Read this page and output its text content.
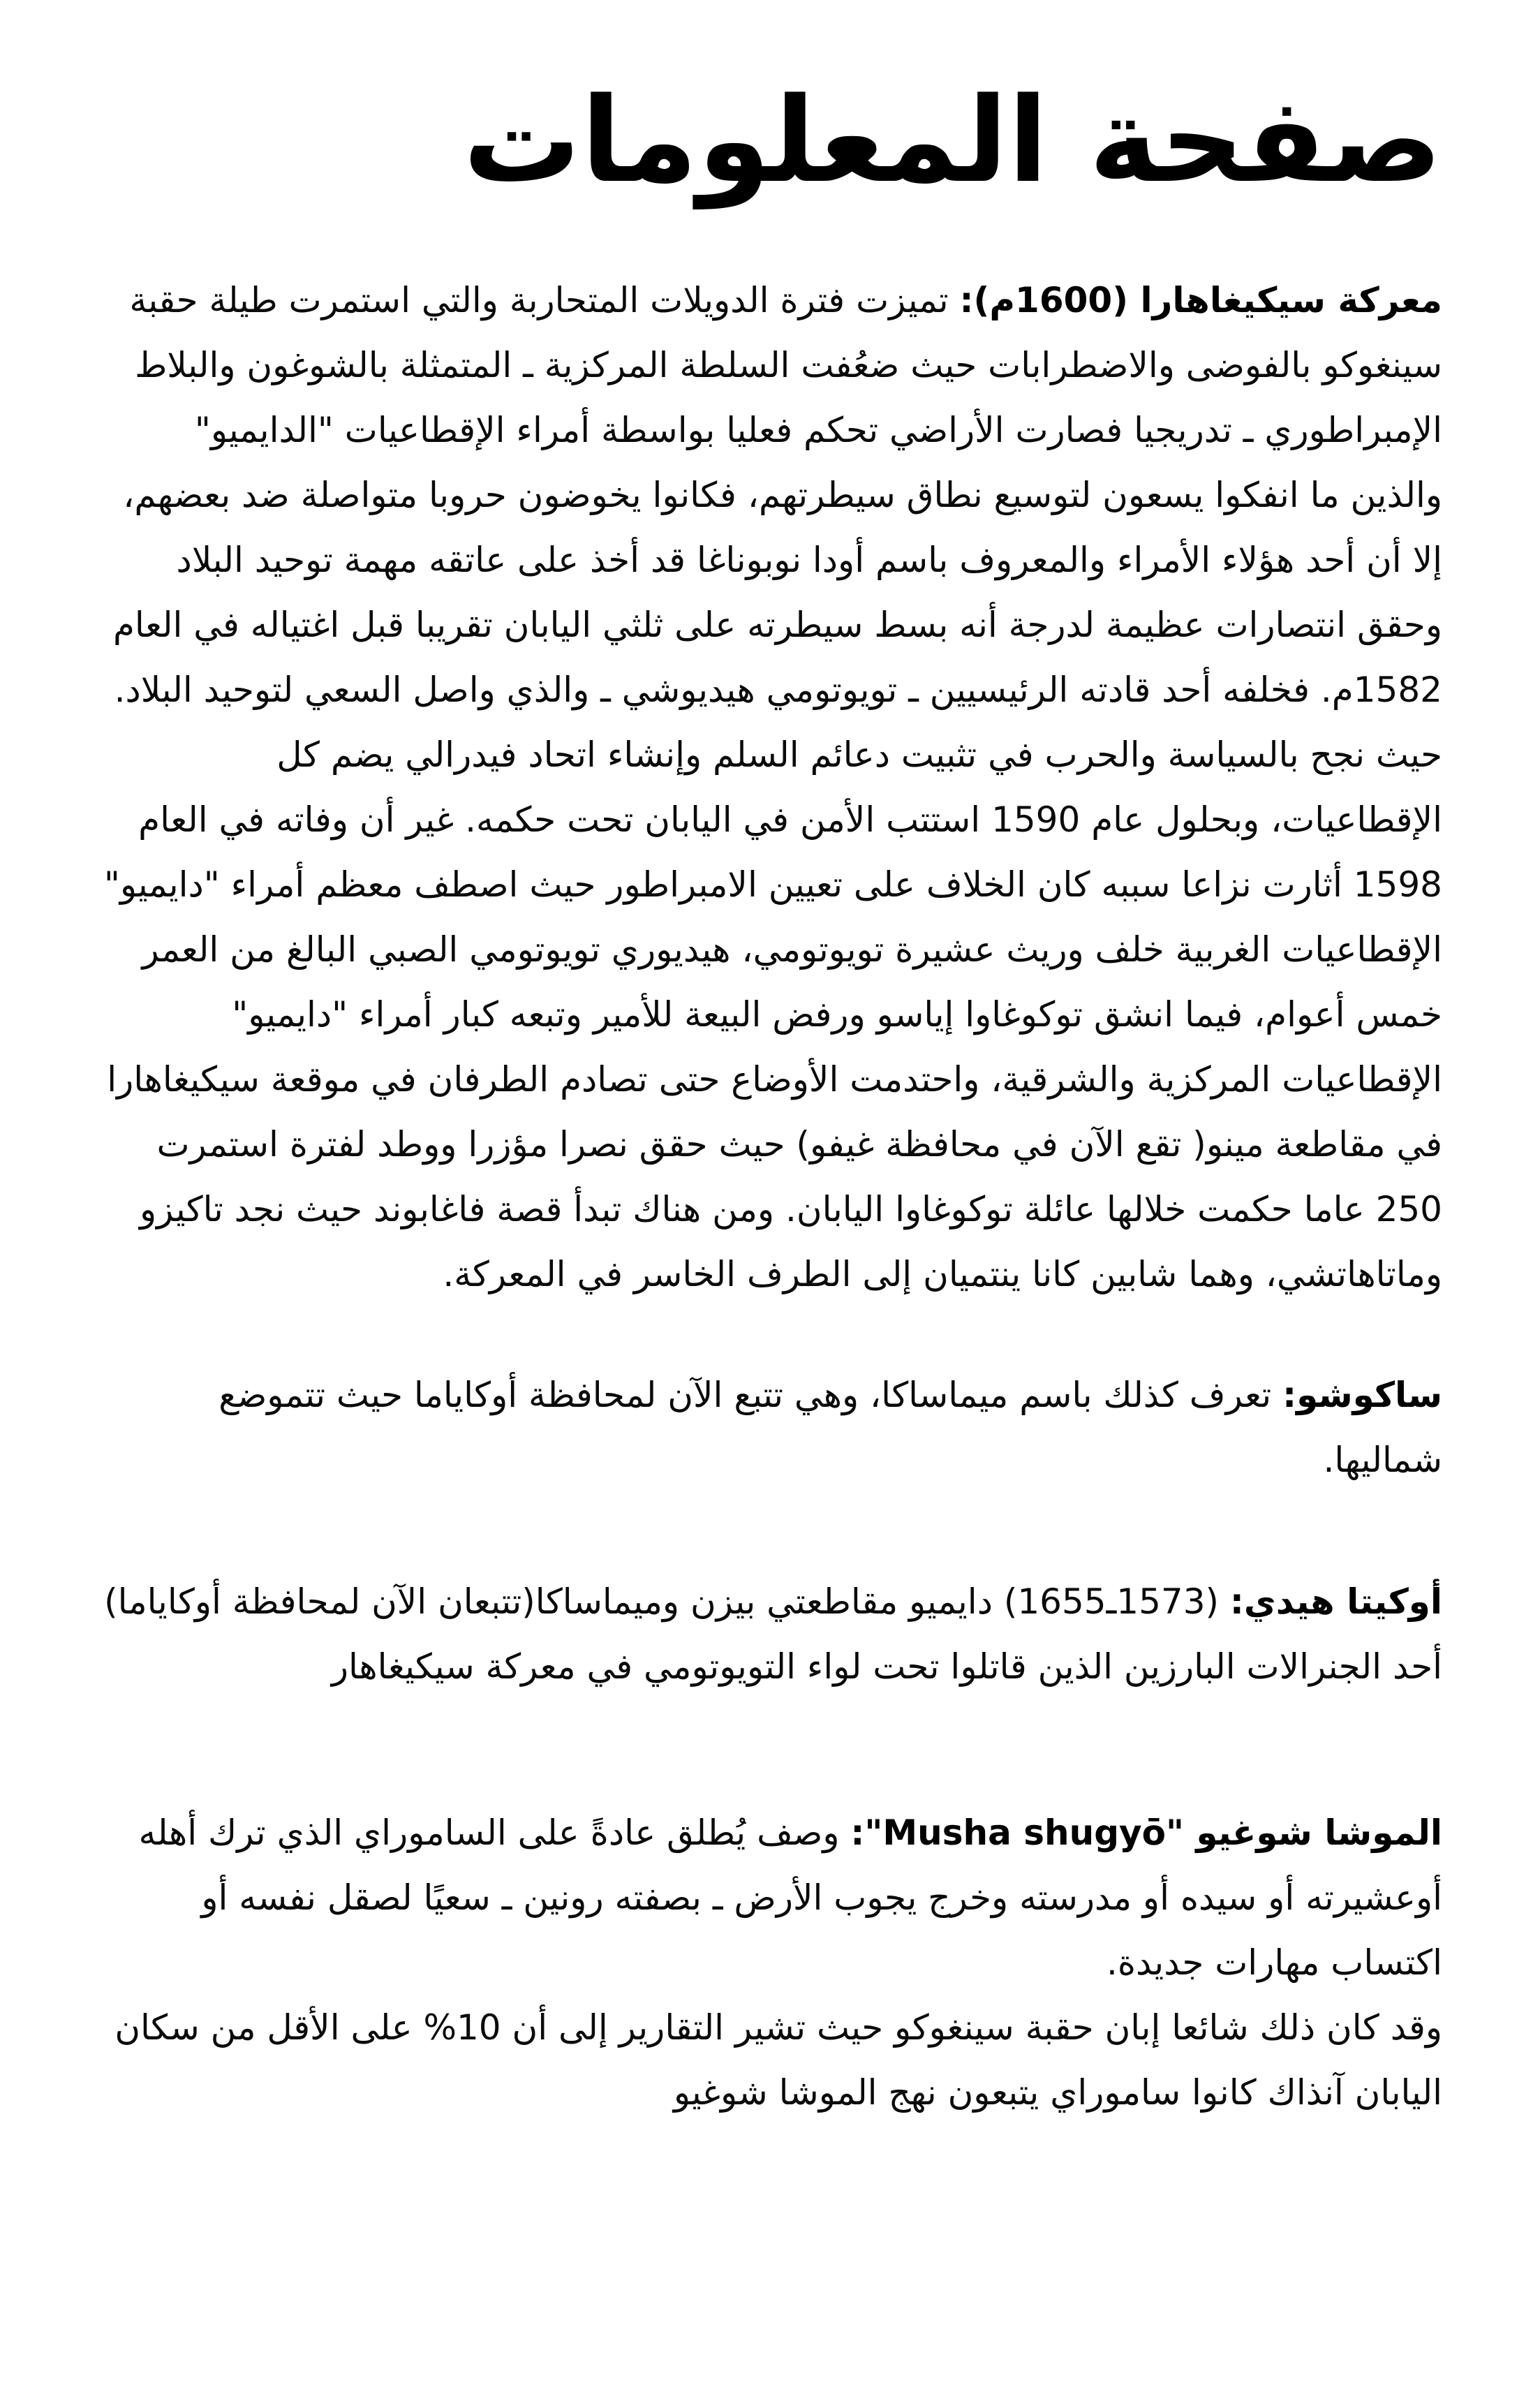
صفحة المعلومات

معركة سيكيغاهارا (1600م): تميزت فترة الدويلات المتحاربة والتي استمرت طيلة حقبة سينغوكو بالفوضى والاضطرابات حيث ضعُفت السلطة المركزية ـ المتمثلة بالشوغون والبلاط الإمبراطوري ـ تدريجيا فصارت الأراضي تحكم فعليا بواسطة أمراء الإقطاعيات "الدايميو" والذين ما انفكوا يسعون لتوسيع نطاق سيطرتهم، فكانوا يخوضون حروبا متواصلة ضد بعضهم، إلا أن أحد هؤلاء الأمراء والمعروف باسم أودا نوبوناغا قد أخذ على عاتقه مهمة توحيد البلاد وحقق انتصارات عظيمة لدرجة أنه بسط سيطرته على ثلثي اليابان تقريبا قبل اغتياله في العام 1582م. فخلفه أحد قادته الرئيسيين ـ تويوتومي هيديوشي ـ والذي واصل السعي لتوحيد البلاد. حيث نجح بالسياسة والحرب في تثبيت دعائم السلم وإنشاء اتحاد فيدرالي يضم كل الإقطاعيات، وبحلول عام 1590 استتب الأمن في اليابان تحت حكمه. غير أن وفاته في العام 1598 أثارت نزاعا سببه كان الخلاف على تعيين الامبراطور حيث اصطف معظم أمراء "دايميو" الإقطاعيات الغربية خلف وريث عشيرة تويوتومي، هيديوري تويوتومي الصبي البالغ من العمر خمس أعوام، فيما انشق توكوغاوا إياسو ورفض البيعة للأمير وتبعه كبار أمراء "دايميو" الإقطاعيات المركزية والشرقية، واحتدمت الأوضاع حتى تصادم الطرفان في موقعة سيكيغاهارا في مقاطعة مينو( تقع الآن في محافظة غيفو) حيث حقق نصرا مؤزرا ووطد لفترة استمرت 250 عاما حكمت خلالها عائلة توكوغاوا اليابان. ومن هناك تبدأ قصة فاغابوند حيث نجد تاكيزو وماتاهاتشي، وهما شابين كانا ينتميان إلى الطرف الخاسر في المعركة.

ساكوشو: تعرف كذلك باسم ميماساكا، وهي تتبع الآن لمحافظة أوكاياما حيث تتموضع شماليها.

أوكيتا هيدي: (1573ـ1655) دايميو مقاطعتي بيزن وميماساكا(تتبعان الآن لمحافظة أوكاياما) أحد الجنرالات البارزين الذين قاتلوا تحت لواء التويوتومي في معركة سيكيغاهار

الموشا شوغيو "Musha shugyō": وصف يُطلق عادةً على الساموراي الذي ترك أهله أوعشيرته أو سيده أو مدرسته وخرج يجوب الأرض ـ بصفته رونين ـ سعيًا لصقل نفسه أو اكتساب مهارات جديدة.
وقد كان ذلك شائعا إبان حقبة سينغوكو حيث تشير التقارير إلى أن 10% على الأقل من سكان اليابان آنذاك كانوا ساموراي يتبعون نهج الموشا شوغيو
